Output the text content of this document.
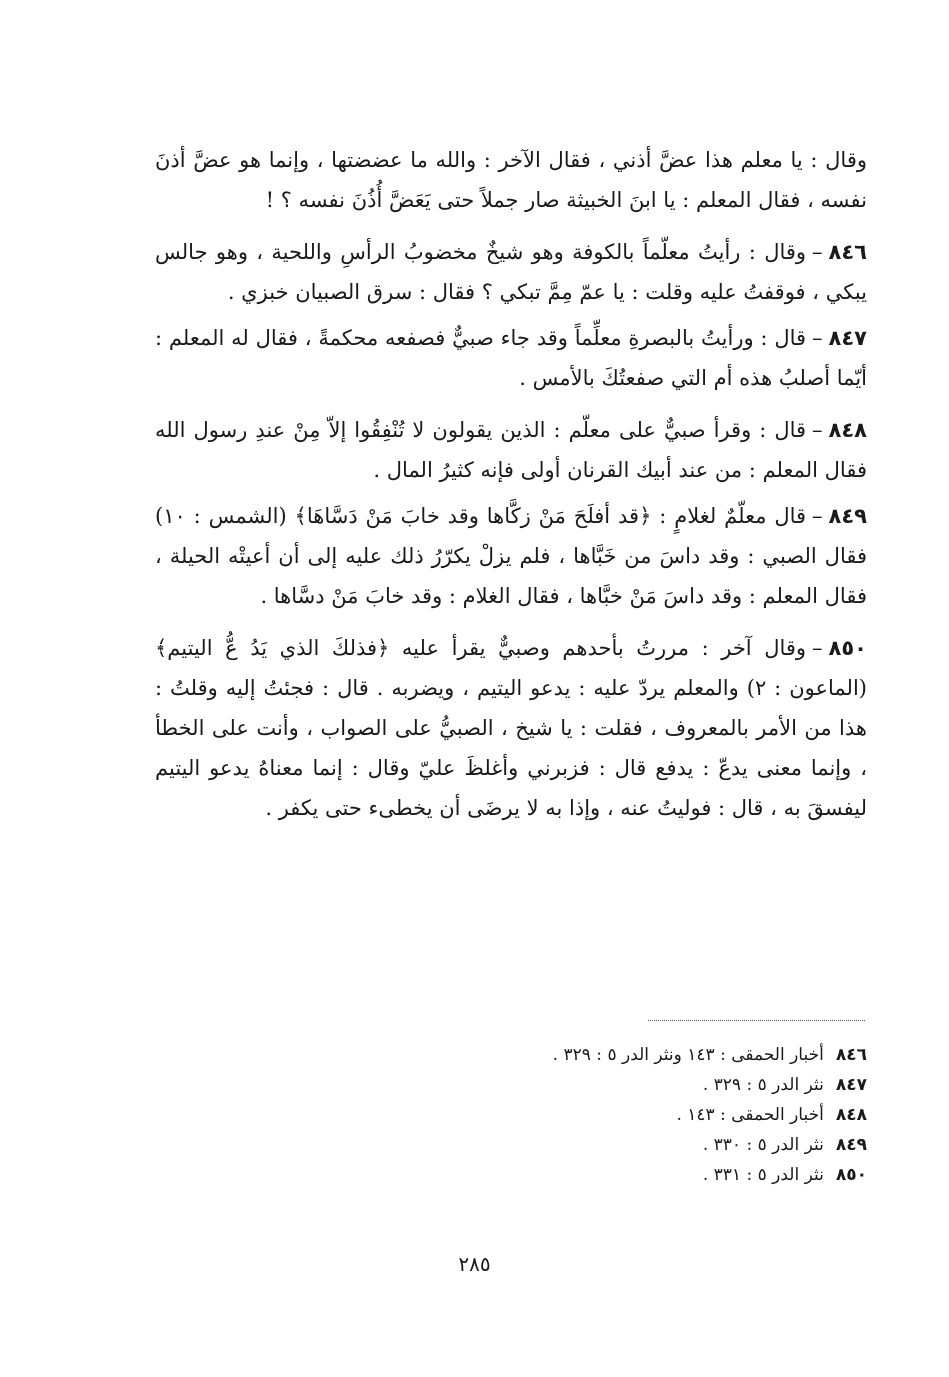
وقال : يا معلم هذا عضَّ أذني ، فقال الآخر : والله ما عضضتها ، وإنما هو عضَّ أذنَ نفسه ، فقال المعلم : يا ابنَ الخبيثة صار جملاً حتى يَعَضَّ أُذُنَ نفسه ؟ !

٨٤٦–وقال : رأيتُ معلّماً بالكوفة وهو شيخٌ مخضوبُ الرأسِ واللحية ، وهو جالس يبكي ، فوقفتُ عليه وقلت : يا عمّ مِمَّ تبكي ؟ فقال : سرق الصبيان خبزي .

٨٤٧–قال : ورأيتُ بالبصرةِ معلِّماً وقد جاء صبيٌّ فصفعه محكمةً ، فقال له المعلم : أيّما أصلبُ هذه أم التي صفعتُكَ بالأمس .

٨٤٨–قال : وقرأ صبيٌّ على معلّم : الذين يقولون لا تُنْفِقُوا إلاّ مِنْ عندِ رسول الله فقال المعلم : من عند أبيك القرنان أولى فإنه كثيرُ المال .

٨٤٩–قال معلّمٌ لغلامٍ : ﴿قد أفلَحَ مَنْ زكَّاها وقد خابَ مَنْ دَسَّاهَا﴾ (الشمس : ١٠) فقال الصبي : وقد داسَ من خَبَّاها ، فلم يزلْ يكرّرُ ذلك عليه إلى أن أعيتْه الحيلة ، فقال المعلم : وقد داسَ مَنْ خبَّاها ، فقال الغلام : وقد خابَ مَنْ دسَّاها .

٨٥٠–وقال آخر : مررتُ بأحدهم وصبيٌّ يقرأ عليه ﴿فذلكَ الذي يَدُ عُّ اليتيم﴾ (الماعون : ٢) والمعلم يردّ عليه : يدعو اليتيم ، ويضربه . قال : فجئتُ إليه وقلتُ : هذا من الأمر بالمعروف ، فقلت : يا شيخ ، الصبيُّ على الصواب ، وأنت على الخطأ ، وإنما معنى يدعّ : يدفع قال : فزبرني وأغلظَ عليّ وقال : إنما معناهُ يدعو اليتيم ليفسقَ به ، قال : فوليتُ عنه ، وإذا به لا يرضَى أن يخطىء حتى يكفر .

٨٤٦أخبار الحمقى : ١٤٣ ونثر الدر ٥ : ٣٢٩ .
٨٤٧نثر الدر ٥ : ٣٢٩ .
٨٤٨أخبار الحمقى : ١٤٣ .
٨٤٩نثر الدر ٥ : ٣٣٠ .
٨٥٠نثر الدر ٥ : ٣٣١ .
٢٨٥
